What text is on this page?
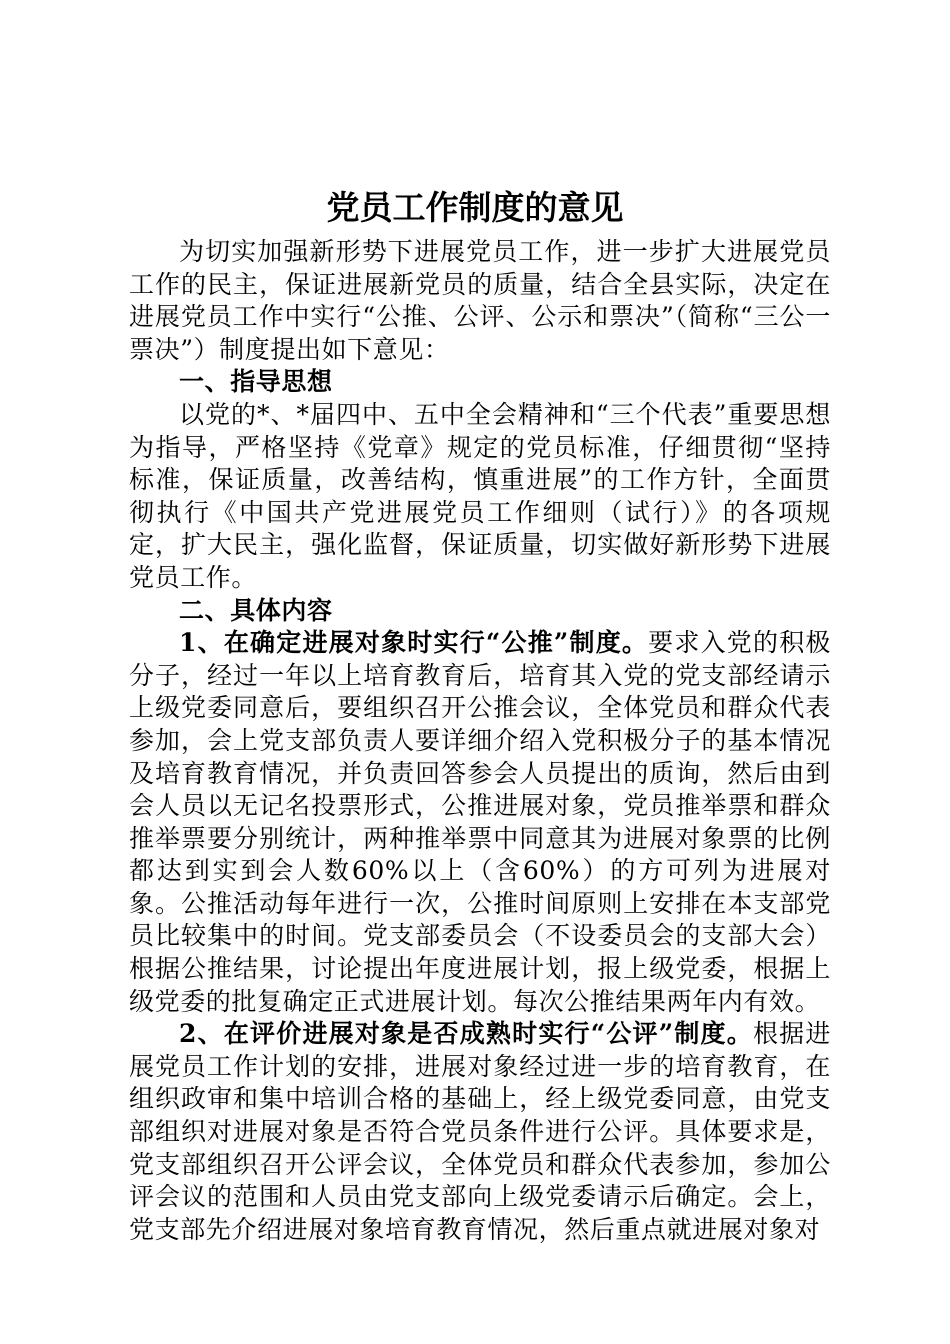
党员工作制度的意见

为切实加强新形势下进展党员工作，进一步扩大进展党员工作的民主，保证进展新党员的质量，结合全县实际，决定在进展党员工作中实行“公推、公评、公示和票决”（简称“三公一票决”）制度提出如下意见：

一、指导思想

以党的*、*届四中、五中全会精神和“三个代表”重要思想为指导，严格坚持《党章》规定的党员标准，仔细贯彻“坚持标准，保证质量，改善结构，慎重进展”的工作方针，全面贯彻执行《中国共产党进展党员工作细则（试行）》的各项规定，扩大民主，强化监督，保证质量，切实做好新形势下进展党员工作。

二、具体内容

1、在确定进展对象时实行“公推”制度。要求入党的积极分子，经过一年以上培育教育后，培育其入党的党支部经请示上级党委同意后，要组织召开公推会议，全体党员和群众代表参加，会上党支部负责人要详细介绍入党积极分子的基本情况及培育教育情况，并负责回答参会人员提出的质询，然后由到会人员以无记名投票形式，公推进展对象，党员推举票和群众推举票要分别统计，两种推举票中同意其为进展对象票的比例都达到实到会人数60%以上（含60%）的方可列为进展对象。公推活动每年进行一次，公推时间原则上安排在本支部党员比较集中的时间。党支部委员会（不设委员会的支部大会）根据公推结果，讨论提出年度进展计划，报上级党委，根据上级党委的批复确定正式进展计划。每次公推结果两年内有效。

2、在评价进展对象是否成熟时实行“公评”制度。根据进展党员工作计划的安排，进展对象经过进一步的培育教育，在组织政审和集中培训合格的基础上，经上级党委同意，由党支部组织对进展对象是否符合党员条件进行公评。具体要求是，党支部组织召开公评会议，全体党员和群众代表参加，参加公评会议的范围和人员由党支部向上级党委请示后确定。会上，党支部先介绍进展对象培育教育情况，然后重点就进展对象对
